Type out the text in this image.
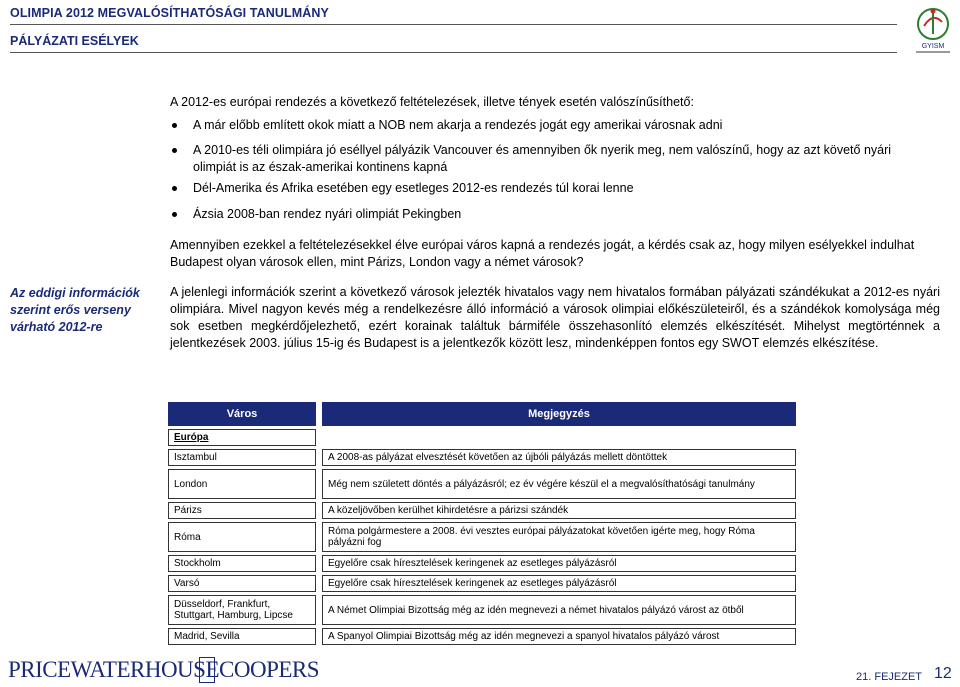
OLIMPIA 2012 MEGVALÓSÍTHATÓSÁGI TANULMÁNY
PÁLYÁZATI ESÉLYEK	GYISM
A 2012-es európai rendezés a következő feltételezések, illetve tények esetén valószínűsíthető:
A már előbb említett okok miatt a NOB nem akarja a rendezés jogát egy amerikai városnak adni
A 2010-es téli olimpiára jó eséllyel pályázik Vancouver és amennyiben ők nyerik meg, nem valószínű, hogy az azt követő nyári olimpiát is az észak-amerikai kontinens kapná
Dél-Amerika és Afrika esetében egy esetleges 2012-es rendezés túl korai lenne
Ázsia 2008-ban rendez nyári olimpiát Pekingben
Amennyiben ezekkel a feltételezésekkel élve európai város kapná a rendezés jogát, a kérdés csak az, hogy milyen esélyekkel indulhat Budapest olyan városok ellen, mint Párizs, London vagy a német városok?
Az eddigi információk szerint erős verseny várható 2012-re
A jelenlegi információk szerint a következő városok jelezték hivatalos vagy nem hivatalos formában pályázati szándékukat a 2012-es nyári olimpiára. Mivel nagyon kevés még a rendelkezésre álló információ a városok olimpiai előkészületeiről, és a szándékok komolysága még sok esetben megkérdőjelezhető, ezért korainak találtuk bármiféle összehasonlító elemzés elkészítését. Mihelyst megtörténnek a jelentkezések 2003. július 15-ig és Budapest is a jelentkezők között lesz, mindenképpen fontos egy SWOT elemzés elkészítése.
Város		Megjegyzés
Európa		
Isztambul		A 2008-as pályázat elvesztését követően az újbóli pályázás mellett döntöttek
London		Még nem született döntés a pályázásról; ez év végére készül el a megvalósíthatósági tanulmány
Párizs		A közeljövőben kerülhet kihirdetésre a párizsi szándék
Róma		Róma polgármestere a 2008. évi vesztes európai pályázatokat követően igérte meg, hogy Róma pályázni fog
Stockholm		Egyelőre csak híresztelések keringenek az esetleges pályázásról
Varsó		Egyelőre csak híresztelések keringenek az esetleges pályázásról
Düsseldorf, Frankfurt, Stuttgart, Hamburg, Lipcse		A Német Olimpiai Bizottság még az idén megnevezi a német hivatalos pályázó várost az ötből
Madrid, Sevilla		A Spanyol Olimpiai Bizottság még az idén megnevezi a spanyol hivatalos pályázó várost
PRICEWATERHOUSECOOPERS	21. FEJEZET 12
